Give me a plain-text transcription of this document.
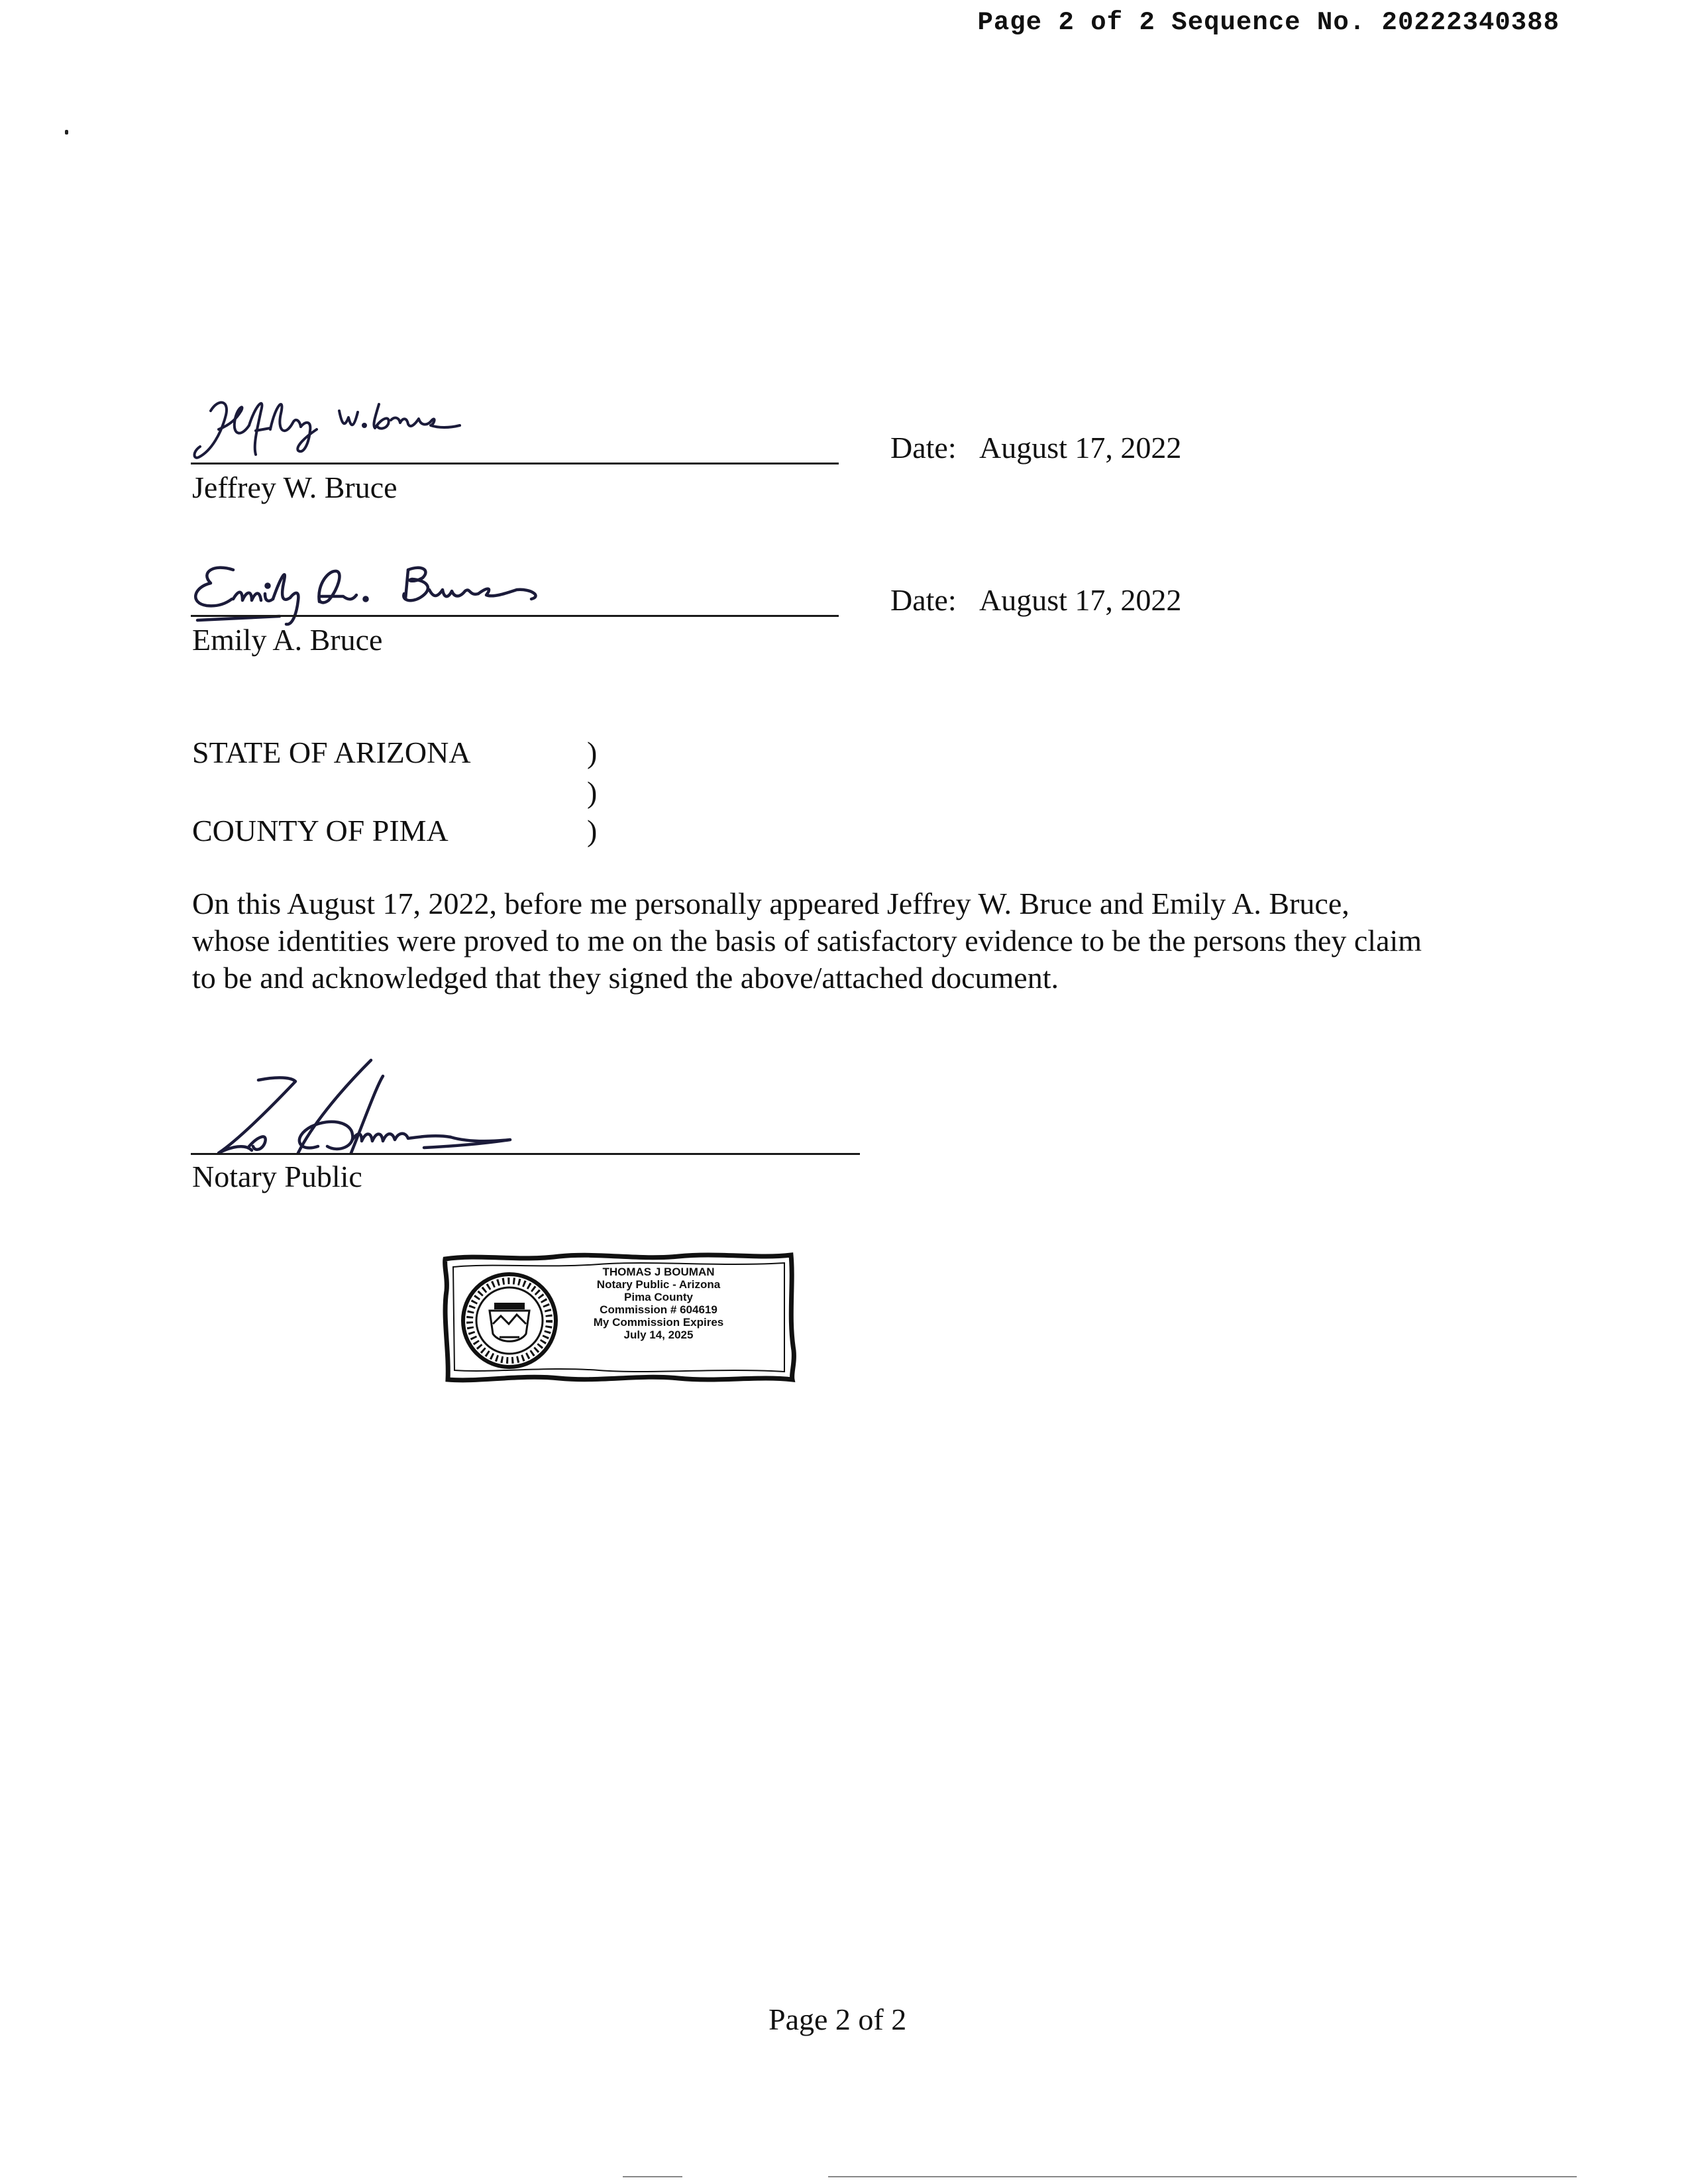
Page 2 of 2 Sequence No. 20222340388
Jeffrey W. Bruce
Date: August 17, 2022
Emily A. Bruce
Date: August 17, 2022
STATE OF ARIZONA	)
)
COUNTY OF PIMA	)
On this August 17, 2022, before me personally appeared Jeffrey W. Bruce and Emily A. Bruce,
whose identities were proved to me on the basis of satisfactory evidence to be the persons they claim
to be and acknowledged that they signed the above/attached document.
Notary Public
THOMAS J BOUMAN
Notary Public - Arizona
Pima County
Commission # 604619
My Commission Expires
July 14, 2025
Page 2 of 2
